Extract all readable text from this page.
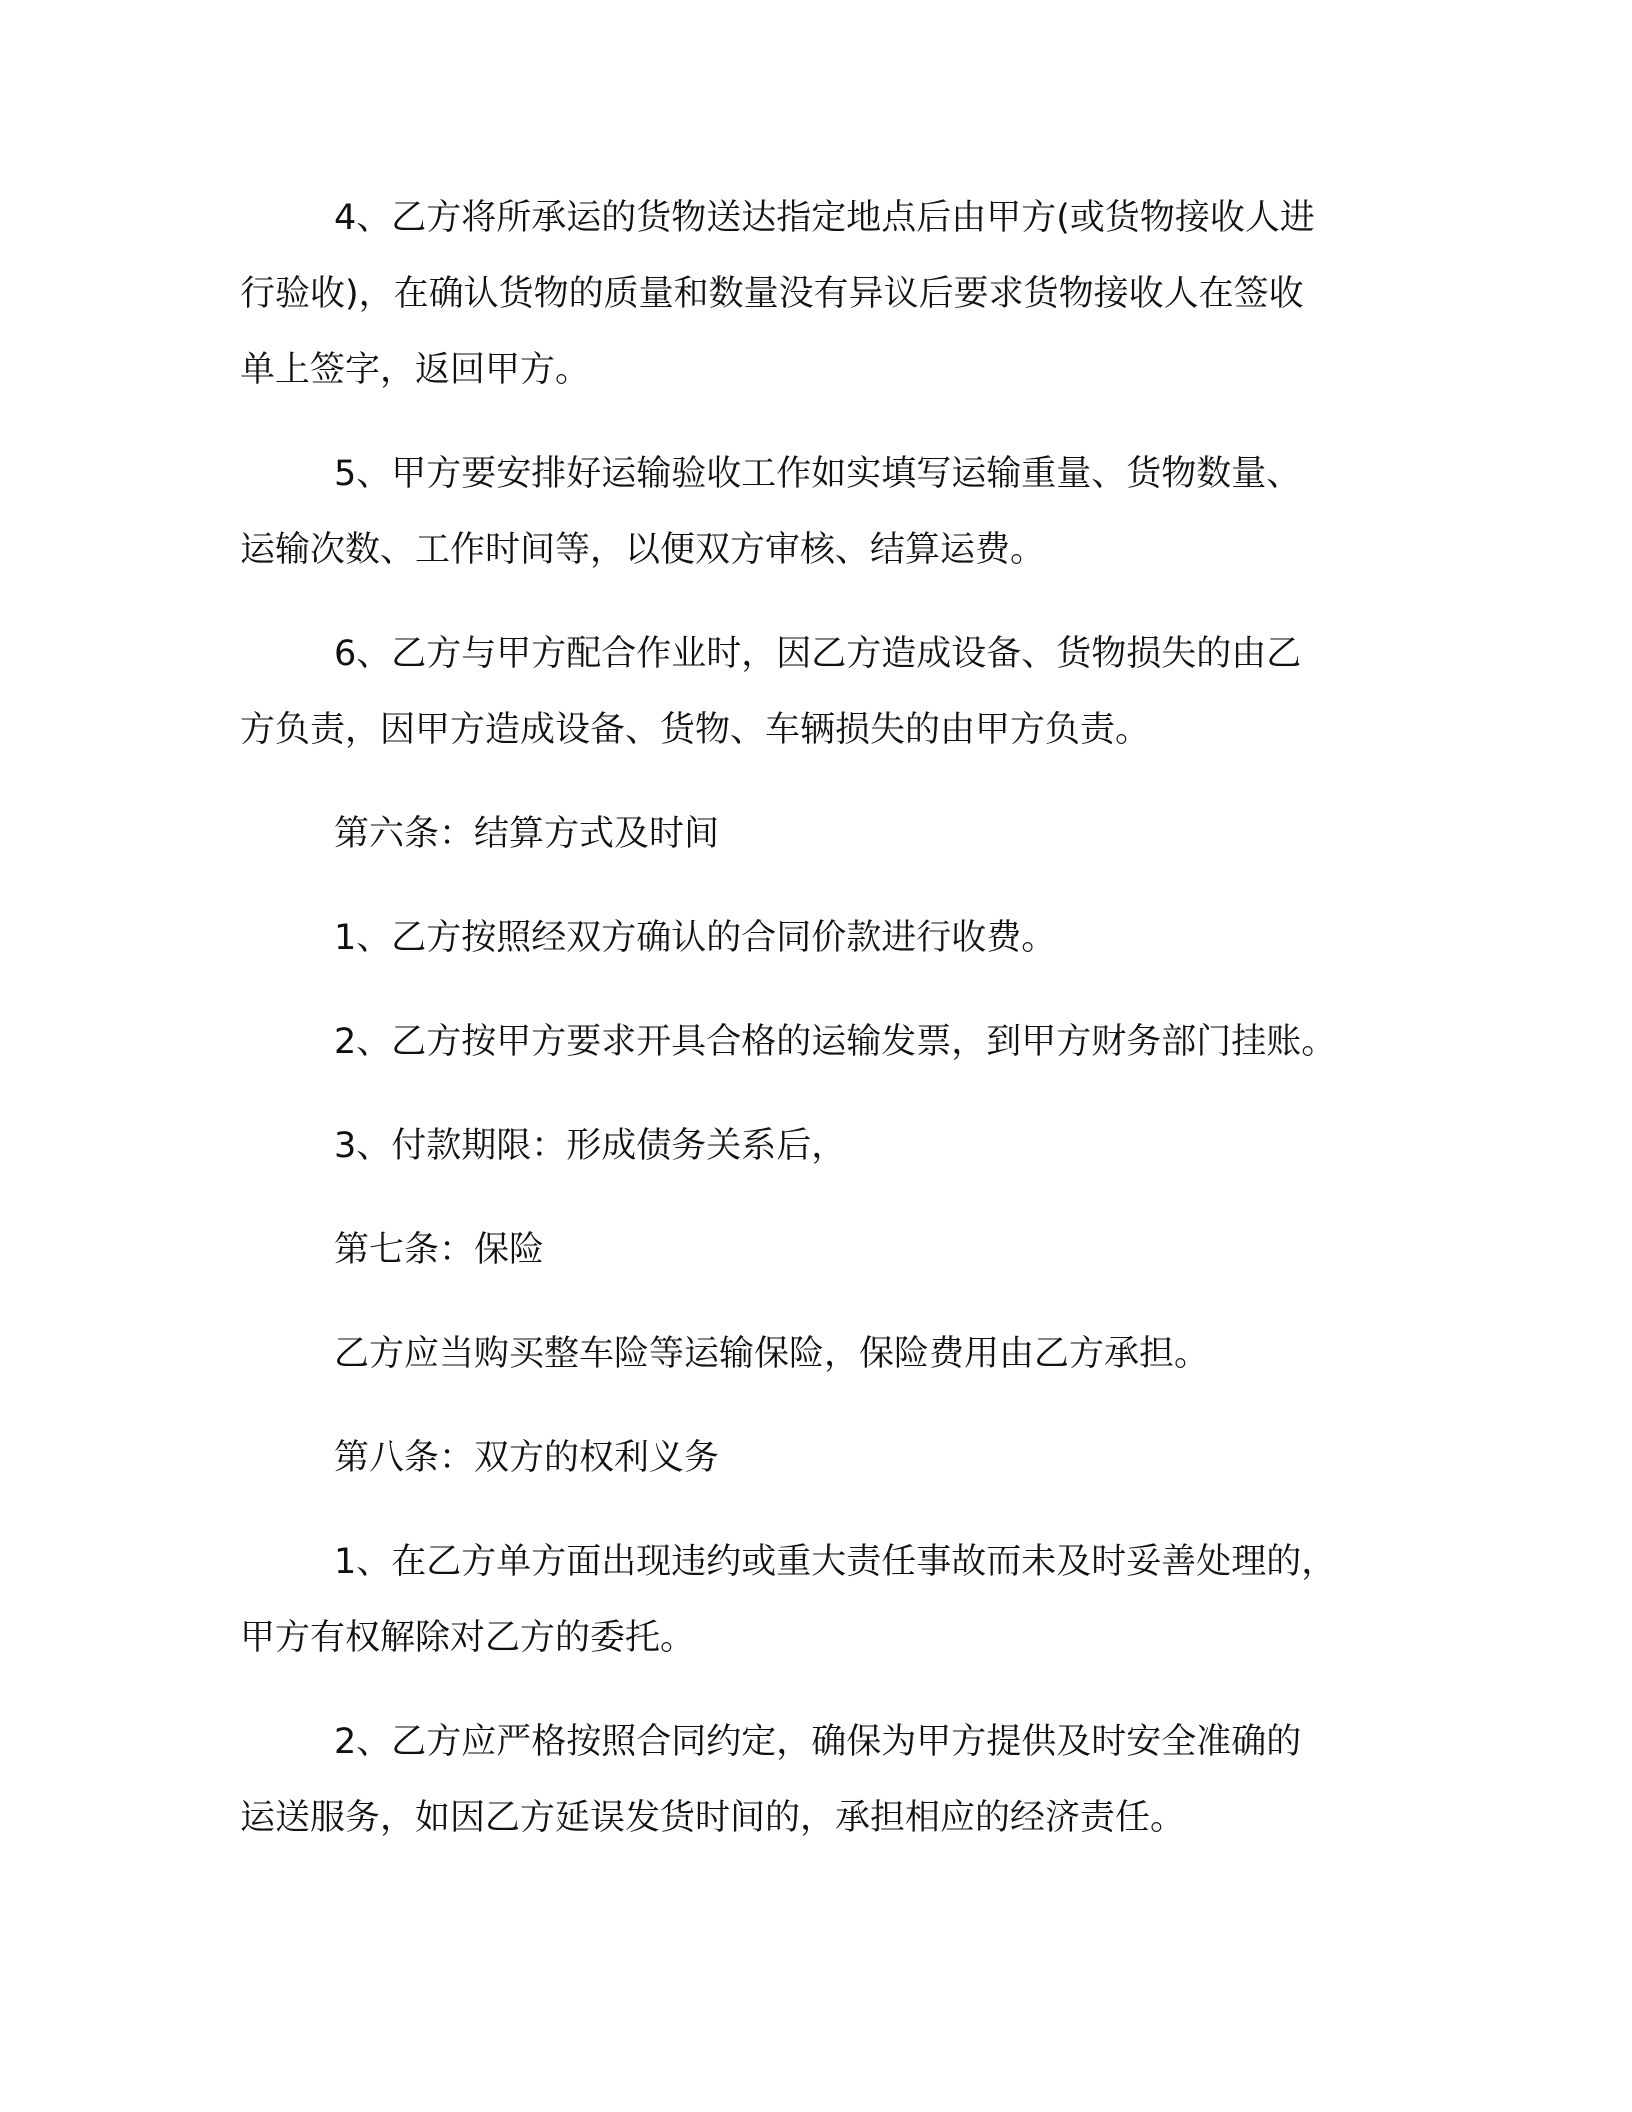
4、乙方将所承运的货物送达指定地点后由甲方(或货物接收人进
行验收)，在确认货物的质量和数量没有异议后要求货物接收人在签收
单上签字，返回甲方。
5、甲方要安排好运输验收工作如实填写运输重量、货物数量、
运输次数、工作时间等，以便双方审核、结算运费。
6、乙方与甲方配合作业时，因乙方造成设备、货物损失的由乙
方负责，因甲方造成设备、货物、车辆损失的由甲方负责。
第六条：结算方式及时间
1、乙方按照经双方确认的合同价款进行收费。
2、乙方按甲方要求开具合格的运输发票，到甲方财务部门挂账。
3、付款期限：形成债务关系后，
第七条：保险
乙方应当购买整车险等运输保险，保险费用由乙方承担。
第八条：双方的权利义务
1、在乙方单方面出现违约或重大责任事故而未及时妥善处理的，
甲方有权解除对乙方的委托。
2、乙方应严格按照合同约定，确保为甲方提供及时安全准确的
运送服务，如因乙方延误发货时间的，承担相应的经济责任。
